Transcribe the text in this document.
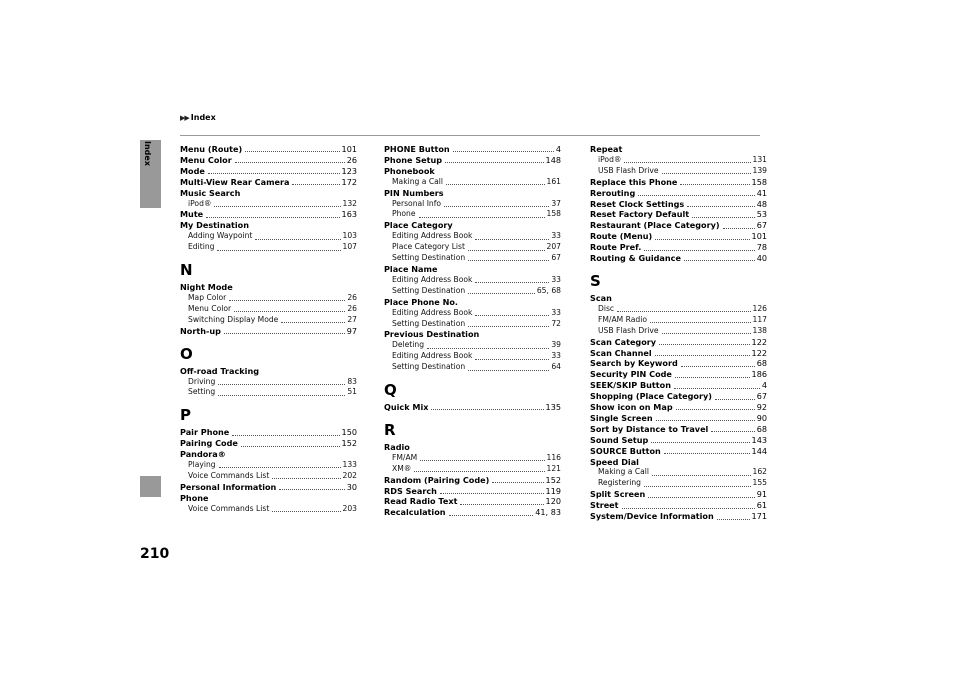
▶▶ Index
Index
210
Menu (Route)	101
Menu Color	26
Mode	123
Multi-View Rear Camera	172
Music Search
iPod®	132
Mute	163
My Destination
Adding Waypoint	103
Editing	107
N
Night Mode
Map Color	26
Menu Color	26
Switching Display Mode	27
North-up	97
O
Off-road Tracking
Driving	83
Setting	51
P
Pair Phone	150
Pairing Code	152
Pandora®
Playing	133
Voice Commands List	202
Personal Information	30
Phone
Voice Commands List	203
PHONE Button	4
Phone Setup	148
Phonebook
Making a Call	161
PIN Numbers
Personal Info	37
Phone	158
Place Category
Editing Address Book	33
Place Category List	207
Setting Destination	67
Place Name
Editing Address Book	33
Setting Destination	65, 68
Place Phone No.
Editing Address Book	33
Setting Destination	72
Previous Destination
Deleting	39
Editing Address Book	33
Setting Destination	64
Q
Quick Mix	135
R
Radio
FM/AM	116
XM®	121
Random (Pairing Code)	152
RDS Search	119
Read Radio Text	120
Recalculation	41, 83
Repeat
iPod®	131
USB Flash Drive	139
Replace this Phone	158
Rerouting	41
Reset Clock Settings	48
Reset Factory Default	53
Restaurant (Place Category)	67
Route (Menu)	101
Route Pref.	78
Routing & Guidance	40
S
Scan
Disc	126
FM/AM Radio	117
USB Flash Drive	138
Scan Category	122
Scan Channel	122
Search by Keyword	68
Security PIN Code	186
SEEK/SKIP Button	4
Shopping (Place Category)	67
Show icon on Map	92
Single Screen	90
Sort by Distance to Travel	68
Sound Setup	143
SOURCE Button	144
Speed Dial
Making a Call	162
Registering	155
Split Screen	91
Street	61
System/Device Information	171
